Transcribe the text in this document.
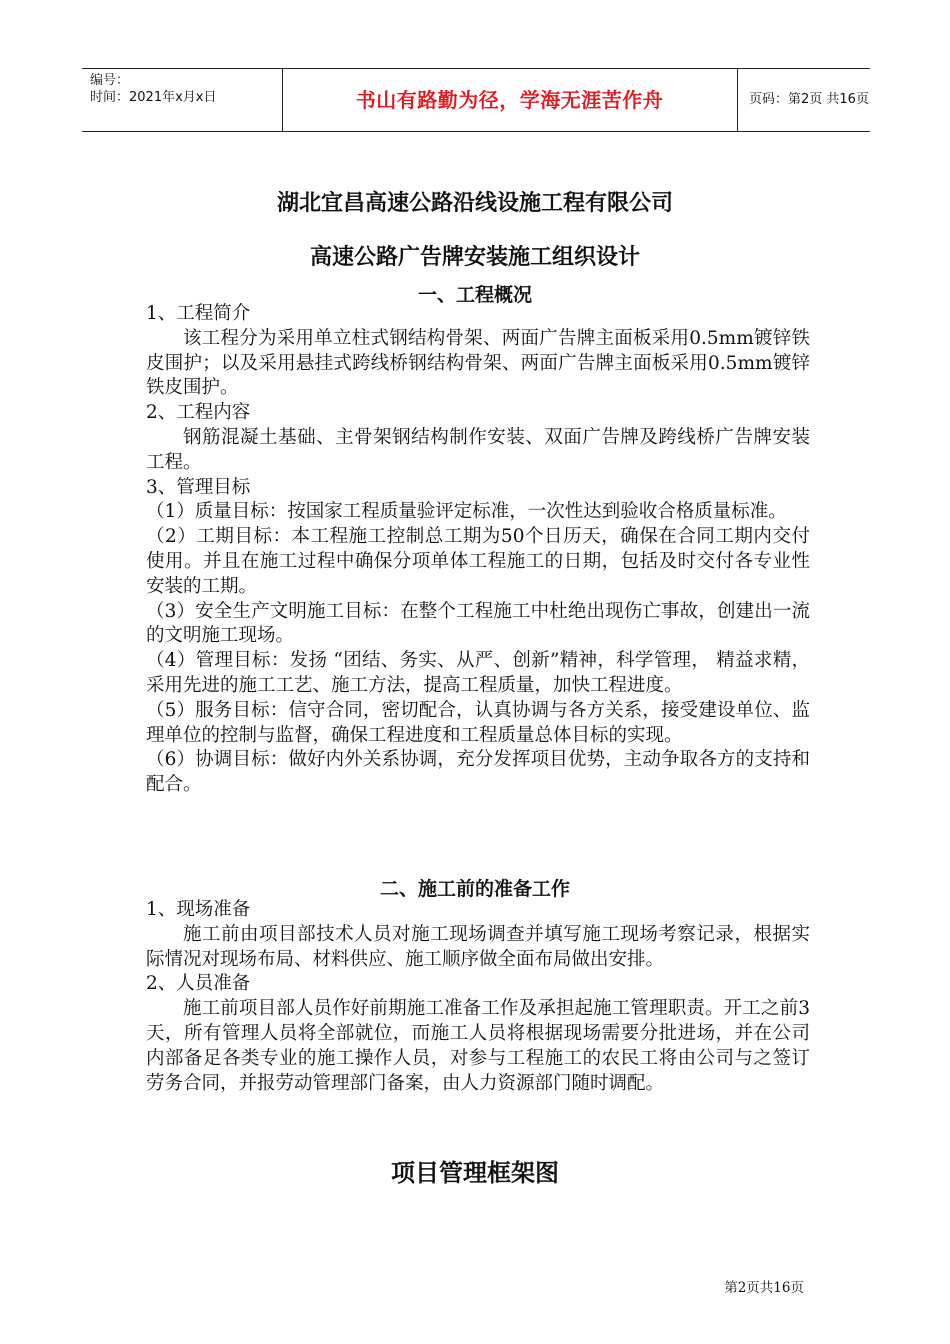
编号：
时间：2021年x月x日	书山有路勤为径，学海无涯苦作舟	页码：第2页 共16页
湖北宜昌高速公路沿线设施工程有限公司
高速公路广告牌安装施工组织设计
一、工程概况

1、工程简介

该工程分为采用单立柱式钢结构骨架、两面广告牌主面板采用0.5mm镀锌铁皮围护；以及采用悬挂式跨线桥钢结构骨架、两面广告牌主面板采用0.5mm镀锌铁皮围护。

2、工程内容

钢筋混凝土基础、主骨架钢结构制作安装、双面广告牌及跨线桥广告牌安装工程。

3、管理目标

（1）质量目标：按国家工程质量验评定标准，一次性达到验收合格质量标准。

（2）工期目标：本工程施工控制总工期为50个日历天，确保在合同工期内交付使用。并且在施工过程中确保分项单体工程施工的日期，包括及时交付各专业性安装的工期。

（3）安全生产文明施工目标：在整个工程施工中杜绝出现伤亡事故，创建出一流的文明施工现场。

（4）管理目标：发扬 “团结、务实、从严、创新”精神，科学管理， 精益求精，采用先进的施工工艺、施工方法，提高工程质量，加快工程进度。

（5）服务目标：信守合同，密切配合，认真协调与各方关系，接受建设单位、监理单位的控制与监督，确保工程进度和工程质量总体目标的实现。

（6）协调目标：做好内外关系协调，充分发挥项目优势，主动争取各方的支持和配合。

二、施工前的准备工作

1、现场准备

施工前由项目部技术人员对施工现场调查并填写施工现场考察记录，根据实际情况对现场布局、材料供应、施工顺序做全面布局做出安排。

2、人员准备

施工前项目部人员作好前期施工准备工作及承担起施工管理职责。开工之前3天，所有管理人员将全部就位，而施工人员将根据现场需要分批进场，并在公司内部备足各类专业的施工操作人员，对参与工程施工的农民工将由公司与之签订劳务合同，并报劳动管理部门备案，由人力资源部门随时调配。

项目管理框架图
第2页共16页
